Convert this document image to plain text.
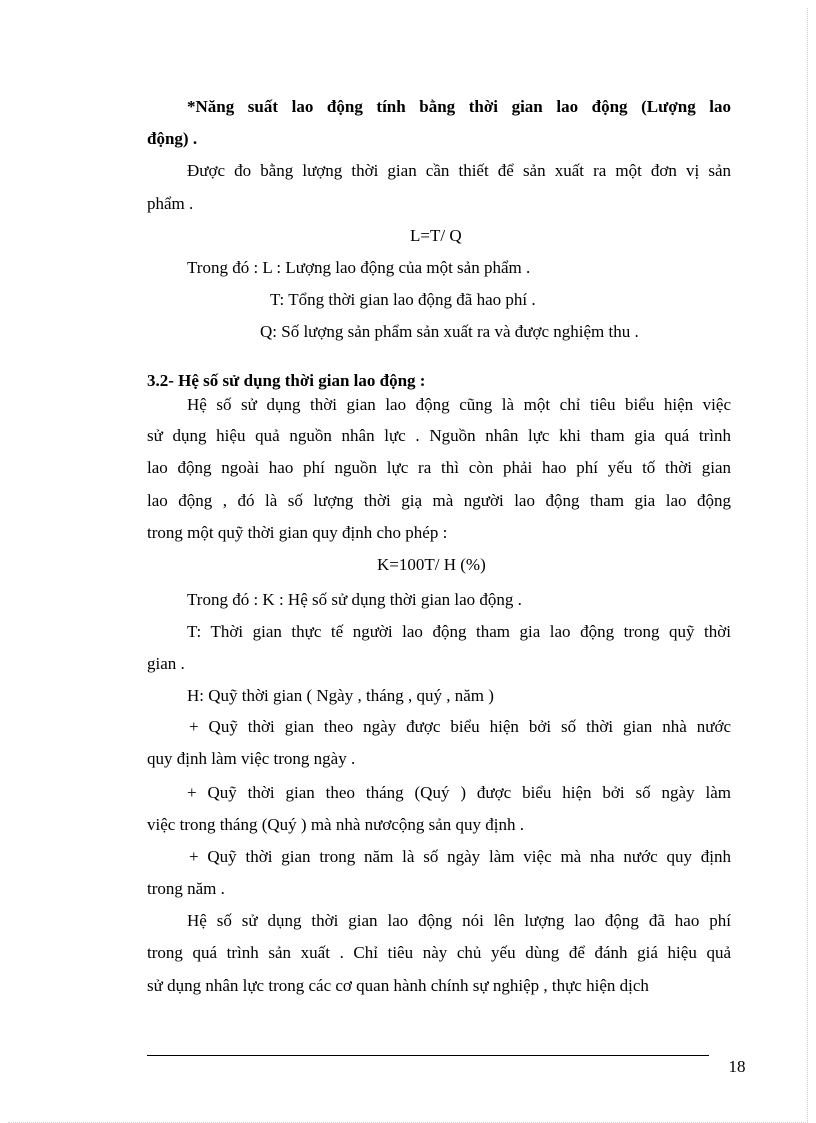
*Năng suất lao động tính bằng thời gian lao động (Lượng lao
động) .
Được đo bằng lượng thời gian cần thiết để sản xuất ra một đơn vị sản
phẩm .
L=T/ Q
Trong đó : L : Lượng lao động của một sản phẩm .
T: Tổng thời gian lao động đã hao phí .
Q: Số lượng sản phẩm sản xuất ra và được nghiệm thu .
3.2- Hệ số sử dụng thời gian lao động :
Hệ số sử dụng thời gian lao động cũng là một chỉ tiêu biểu hiện việc
sử dụng hiệu quả nguồn nhân lực . Nguồn nhân lực khi tham gia quá trình
lao động ngoài hao phí nguồn lực ra thì còn phải hao phí yếu tố thời gian
lao động , đó là số lượng thời giạ mà người lao động tham gia lao động
trong một quỹ thời gian quy định cho phép :
K=100T/ H (%)
Trong đó : K : Hệ số sử dụng thời gian lao động .
T: Thời gian thực tế người lao động tham gia lao động trong quỹ thời
gian .
H: Quỹ thời gian ( Ngày , tháng , quý , năm )
+ Quỹ thời gian theo ngày được biểu hiện bởi số thời gian nhà nước
quy định làm việc trong ngày .
+ Quỹ thời gian theo tháng (Quý ) được biểu hiện bởi số ngày làm
việc trong tháng (Quý ) mà nhà nươcộng sản quy định .
+ Quỹ thời gian trong năm là số ngày làm việc mà nha nước quy định
trong năm .
Hệ số sử dụng thời gian lao động nói lên lượng lao động đã hao phí
trong quá trình sản xuất . Chỉ tiêu này chủ yếu dùng để đánh giá hiệu quả
sử dụng nhân lực trong các cơ quan hành chính sự nghiệp , thực hiện dịch
18
